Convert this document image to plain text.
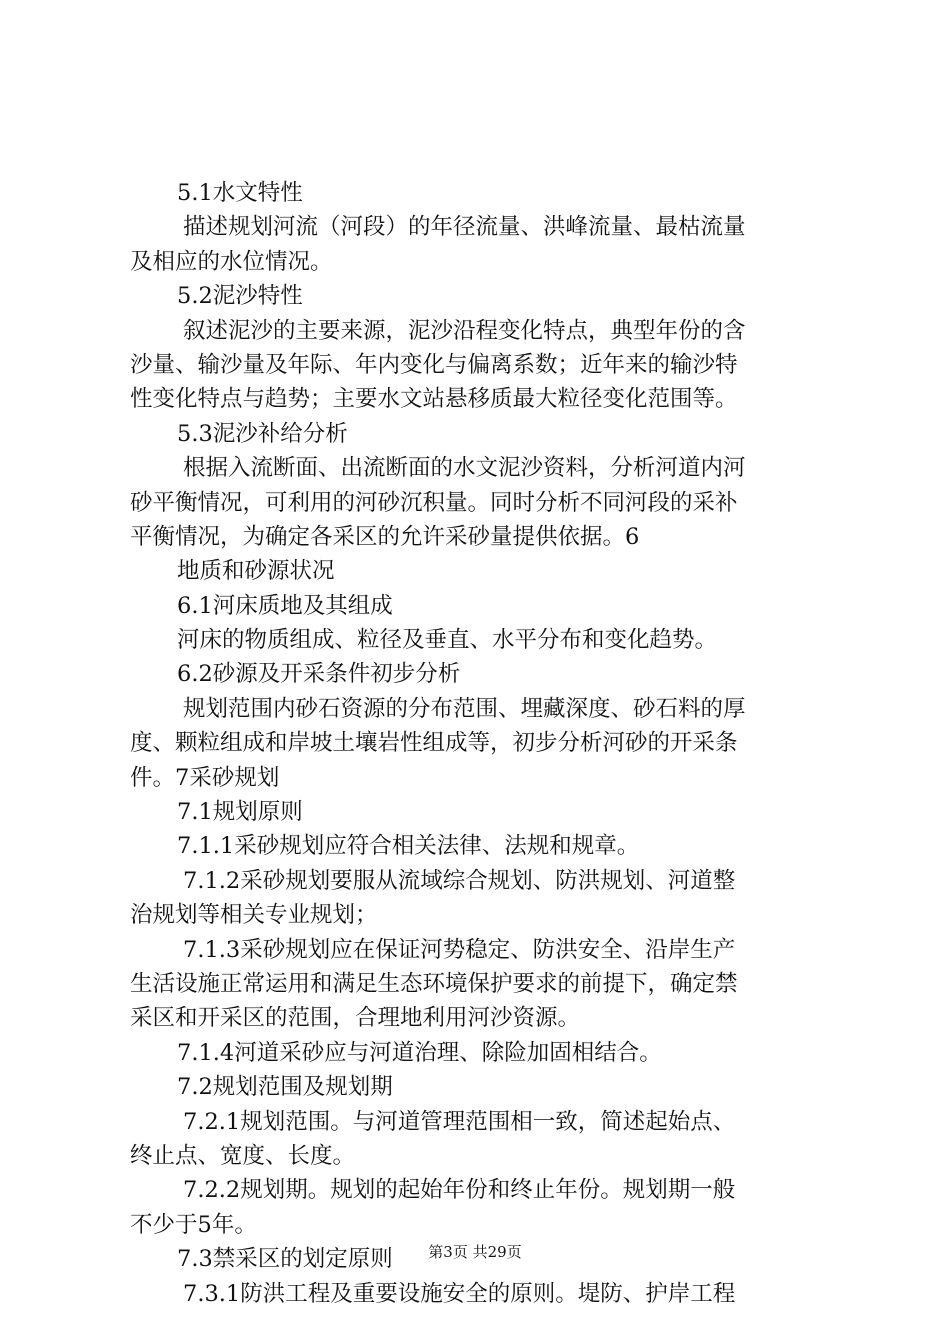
5.1水文特性
描述规划河流（河段）的年径流量、洪峰流量、最枯流量
及相应的水位情况。
5.2泥沙特性
叙述泥沙的主要来源，泥沙沿程变化特点，典型年份的含
沙量、输沙量及年际、年内变化与偏离系数；近年来的输沙特
性变化特点与趋势；主要水文站悬移质最大粒径变化范围等。
5.3泥沙补给分析
根据入流断面、出流断面的水文泥沙资料，分析河道内河
砂平衡情况，可利用的河砂沉积量。同时分析不同河段的采补
平衡情况，为确定各采区的允许采砂量提供依据。6
地质和砂源状况
6.1河床质地及其组成
河床的物质组成、粒径及垂直、水平分布和变化趋势。
6.2砂源及开采条件初步分析
规划范围内砂石资源的分布范围、埋藏深度、砂石料的厚
度、颗粒组成和岸坡土壤岩性组成等，初步分析河砂的开采条
件。7采砂规划
7.1规划原则
7.1.1采砂规划应符合相关法律、法规和规章。
7.1.2采砂规划要服从流域综合规划、防洪规划、河道整
治规划等相关专业规划；
7.1.3采砂规划应在保证河势稳定、防洪安全、沿岸生产
生活设施正常运用和满足生态环境保护要求的前提下，确定禁
采区和开采区的范围，合理地利用河沙资源。
7.1.4河道采砂应与河道治理、除险加固相结合。
7.2规划范围及规划期
7.2.1规划范围。与河道管理范围相一致，简述起始点、
终止点、宽度、长度。
7.2.2规划期。规划的起始年份和终止年份。规划期一般
不少于5年。
7.3禁采区的划定原则
7.3.1防洪工程及重要设施安全的原则。堤防、护岸工程
第3页 共29页
